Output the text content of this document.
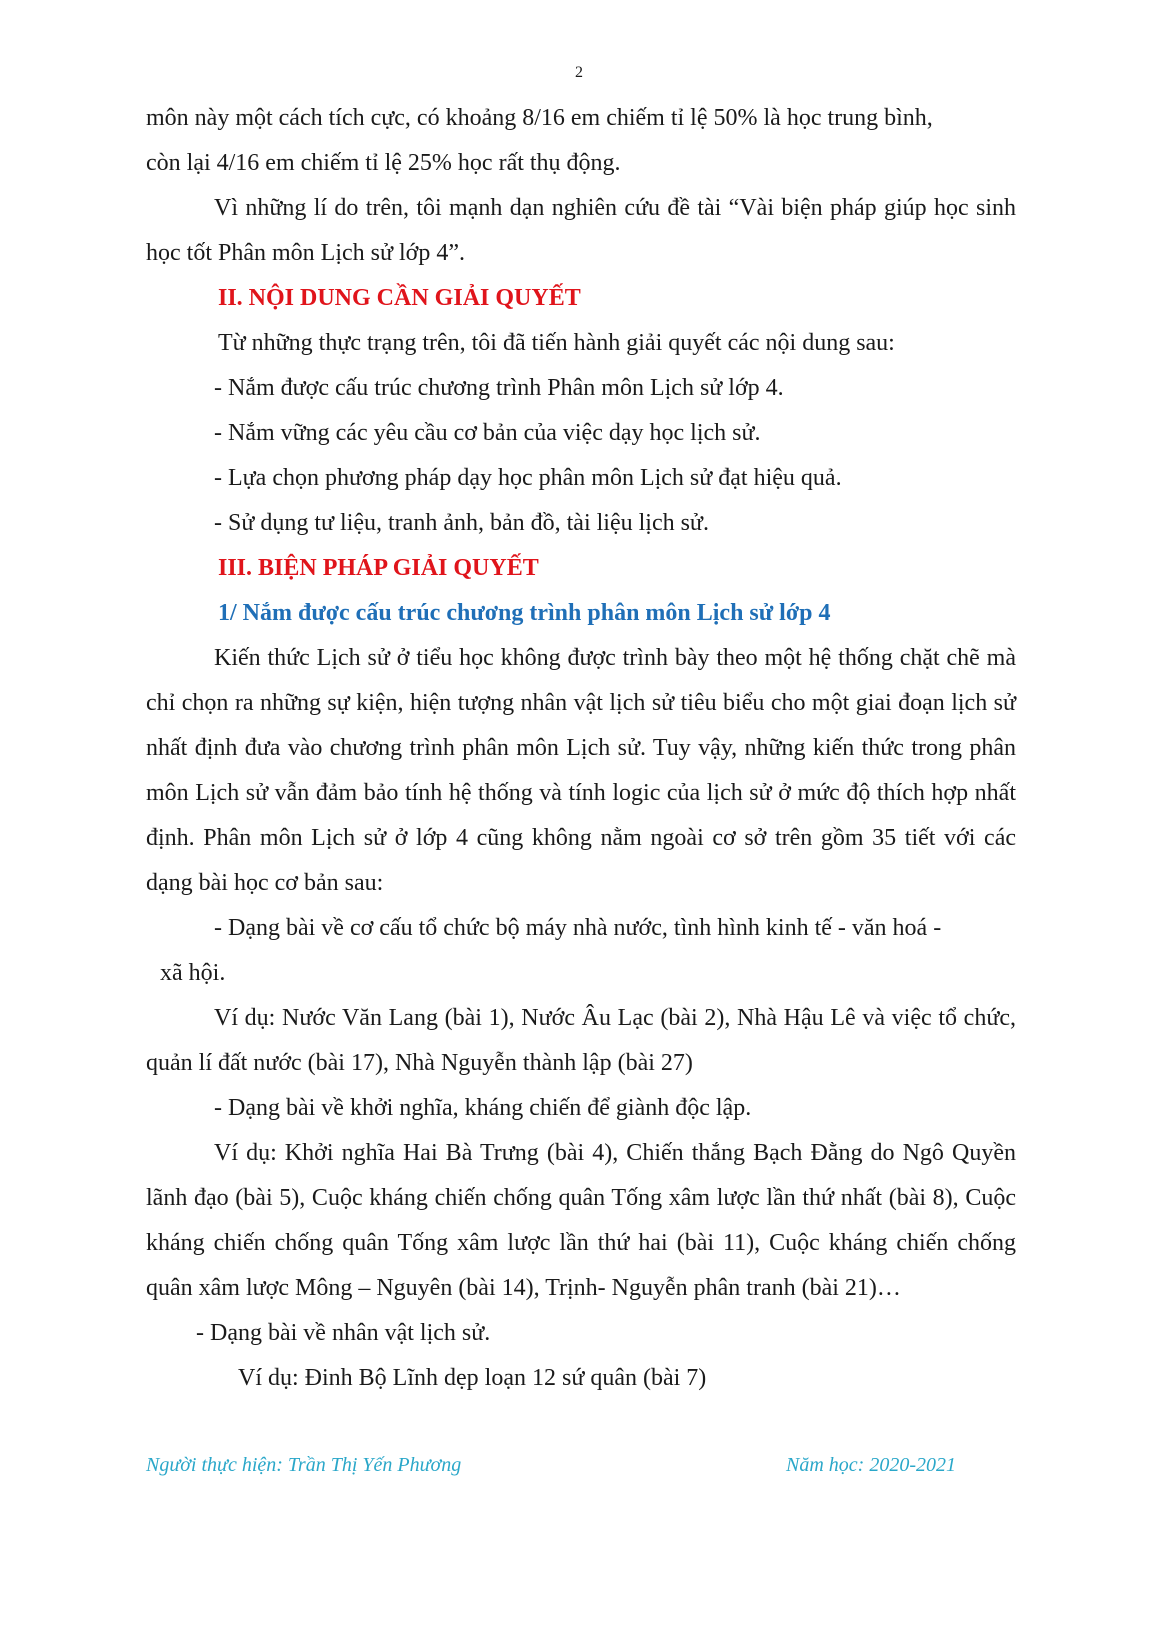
2

môn này một cách tích cực, có khoảng 8/16 em chiếm tỉ lệ 50% là học trung bình,

còn lại 4/16 em chiếm tỉ lệ 25% học rất thụ động.

Vì những lí do trên, tôi mạnh dạn nghiên cứu đề tài “Vài biện pháp giúp học sinh học tốt Phân môn Lịch sử lớp 4”.

II. NỘI DUNG CẦN GIẢI QUYẾT

Từ những thực trạng trên, tôi đã tiến hành giải quyết các nội dung sau:

- Nắm được cấu trúc chương trình Phân môn Lịch sử lớp 4.

- Nắm vững các yêu cầu cơ bản của việc dạy học lịch sử.

- Lựa chọn phương pháp dạy học phân môn Lịch sử đạt hiệu quả.

- Sử dụng tư liệu, tranh ảnh, bản đồ, tài liệu lịch sử.

III. BIỆN PHÁP GIẢI QUYẾT

1/ Nắm được cấu trúc chương trình phân môn Lịch sử lớp 4

Kiến thức Lịch sử ở tiểu học không được trình bày theo một hệ thống chặt chẽ mà chỉ chọn ra những sự kiện, hiện tượng nhân vật lịch sử tiêu biểu cho một giai đoạn lịch sử nhất định đưa vào chương trình phân môn Lịch sử. Tuy vậy, những kiến thức trong phân môn Lịch sử vẫn đảm bảo tính hệ thống và tính logic của lịch sử ở mức độ thích hợp nhất định. Phân môn Lịch sử ở lớp 4 cũng không nằm ngoài cơ sở trên gồm 35 tiết với các dạng bài học cơ bản sau:

- Dạng bài về cơ cấu tổ chức bộ máy nhà nước, tình hình kinh tế - văn hoá -

xã hội.

Ví dụ: Nước Văn Lang (bài 1), Nước Âu Lạc (bài 2), Nhà Hậu Lê và việc tổ chức, quản lí đất nước (bài 17), Nhà Nguyễn thành lập (bài 27)

- Dạng bài về khởi nghĩa, kháng chiến để giành độc lập.

Ví dụ: Khởi nghĩa Hai Bà Trưng (bài 4), Chiến thắng Bạch Đằng do Ngô Quyền lãnh đạo (bài 5), Cuộc kháng chiến chống quân Tống xâm lược lần thứ nhất (bài 8), Cuộc kháng chiến chống quân Tống xâm lược lần thứ hai (bài 11), Cuộc kháng chiến chống quân xâm lược Mông – Nguyên (bài 14), Trịnh- Nguyễn phân tranh (bài 21)…

- Dạng bài về nhân vật lịch sử.

Ví dụ: Đinh Bộ Lĩnh dẹp loạn 12 sứ quân (bài 7)

Người thực hiện: Trần Thị Yến Phương	Năm học: 2020-2021
